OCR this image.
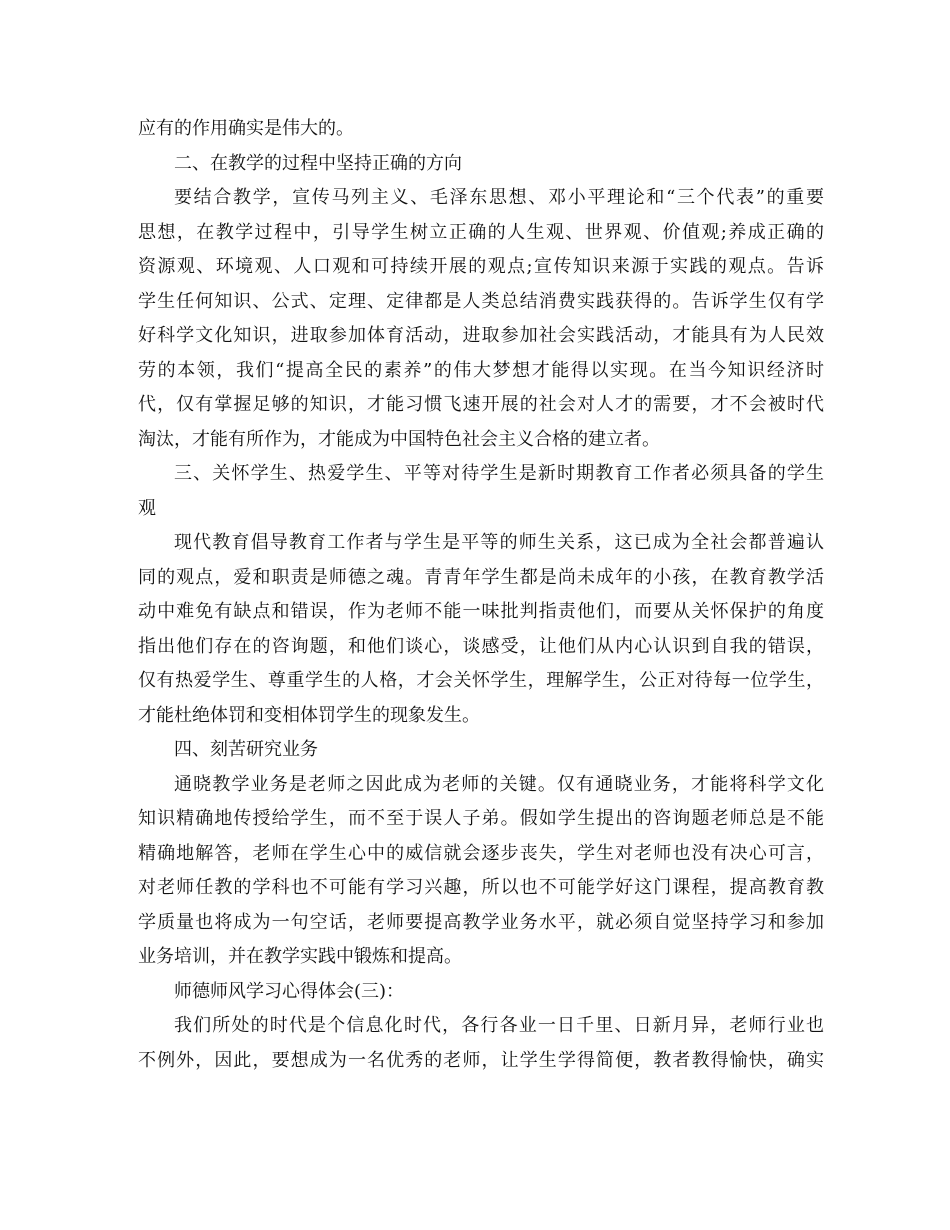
应有的作用确实是伟大的。
二、在教学的过程中坚持正确的方向
要结合教学，宣传马列主义、毛泽东思想、邓小平理论和“三个代表”的重要
思想，在教学过程中，引导学生树立正确的人生观、世界观、价值观;养成正确的
资源观、环境观、人口观和可持续开展的观点;宣传知识来源于实践的观点。告诉
学生任何知识、公式、定理、定律都是人类总结消费实践获得的。告诉学生仅有学
好科学文化知识，进取参加体育活动，进取参加社会实践活动，才能具有为人民效
劳的本领，我们“提高全民的素养”的伟大梦想才能得以实现。在当今知识经济时
代，仅有掌握足够的知识，才能习惯飞速开展的社会对人才的需要，才不会被时代
淘汰，才能有所作为，才能成为中国特色社会主义合格的建立者。
三、关怀学生、热爱学生、平等对待学生是新时期教育工作者必须具备的学生
观
现代教育倡导教育工作者与学生是平等的师生关系，这已成为全社会都普遍认
同的观点，爱和职责是师德之魂。青青年学生都是尚未成年的小孩，在教育教学活
动中难免有缺点和错误，作为老师不能一味批判指责他们，而要从关怀保护的角度
指出他们存在的咨询题，和他们谈心，谈感受，让他们从内心认识到自我的错误，
仅有热爱学生、尊重学生的人格，才会关怀学生，理解学生，公正对待每一位学生，
才能杜绝体罚和变相体罚学生的现象发生。
四、刻苦研究业务
通晓教学业务是老师之因此成为老师的关键。仅有通晓业务，才能将科学文化
知识精确地传授给学生，而不至于误人子弟。假如学生提出的咨询题老师总是不能
精确地解答，老师在学生心中的威信就会逐步丧失，学生对老师也没有决心可言，
对老师任教的学科也不可能有学习兴趣，所以也不可能学好这门课程，提高教育教
学质量也将成为一句空话，老师要提高教学业务水平，就必须自觉坚持学习和参加
业务培训，并在教学实践中锻炼和提高。
师德师风学习心得体会(三)：
我们所处的时代是个信息化时代，各行各业一日千里、日新月异，老师行业也
不例外，因此，要想成为一名优秀的老师，让学生学得简便，教者教得愉快，确实
